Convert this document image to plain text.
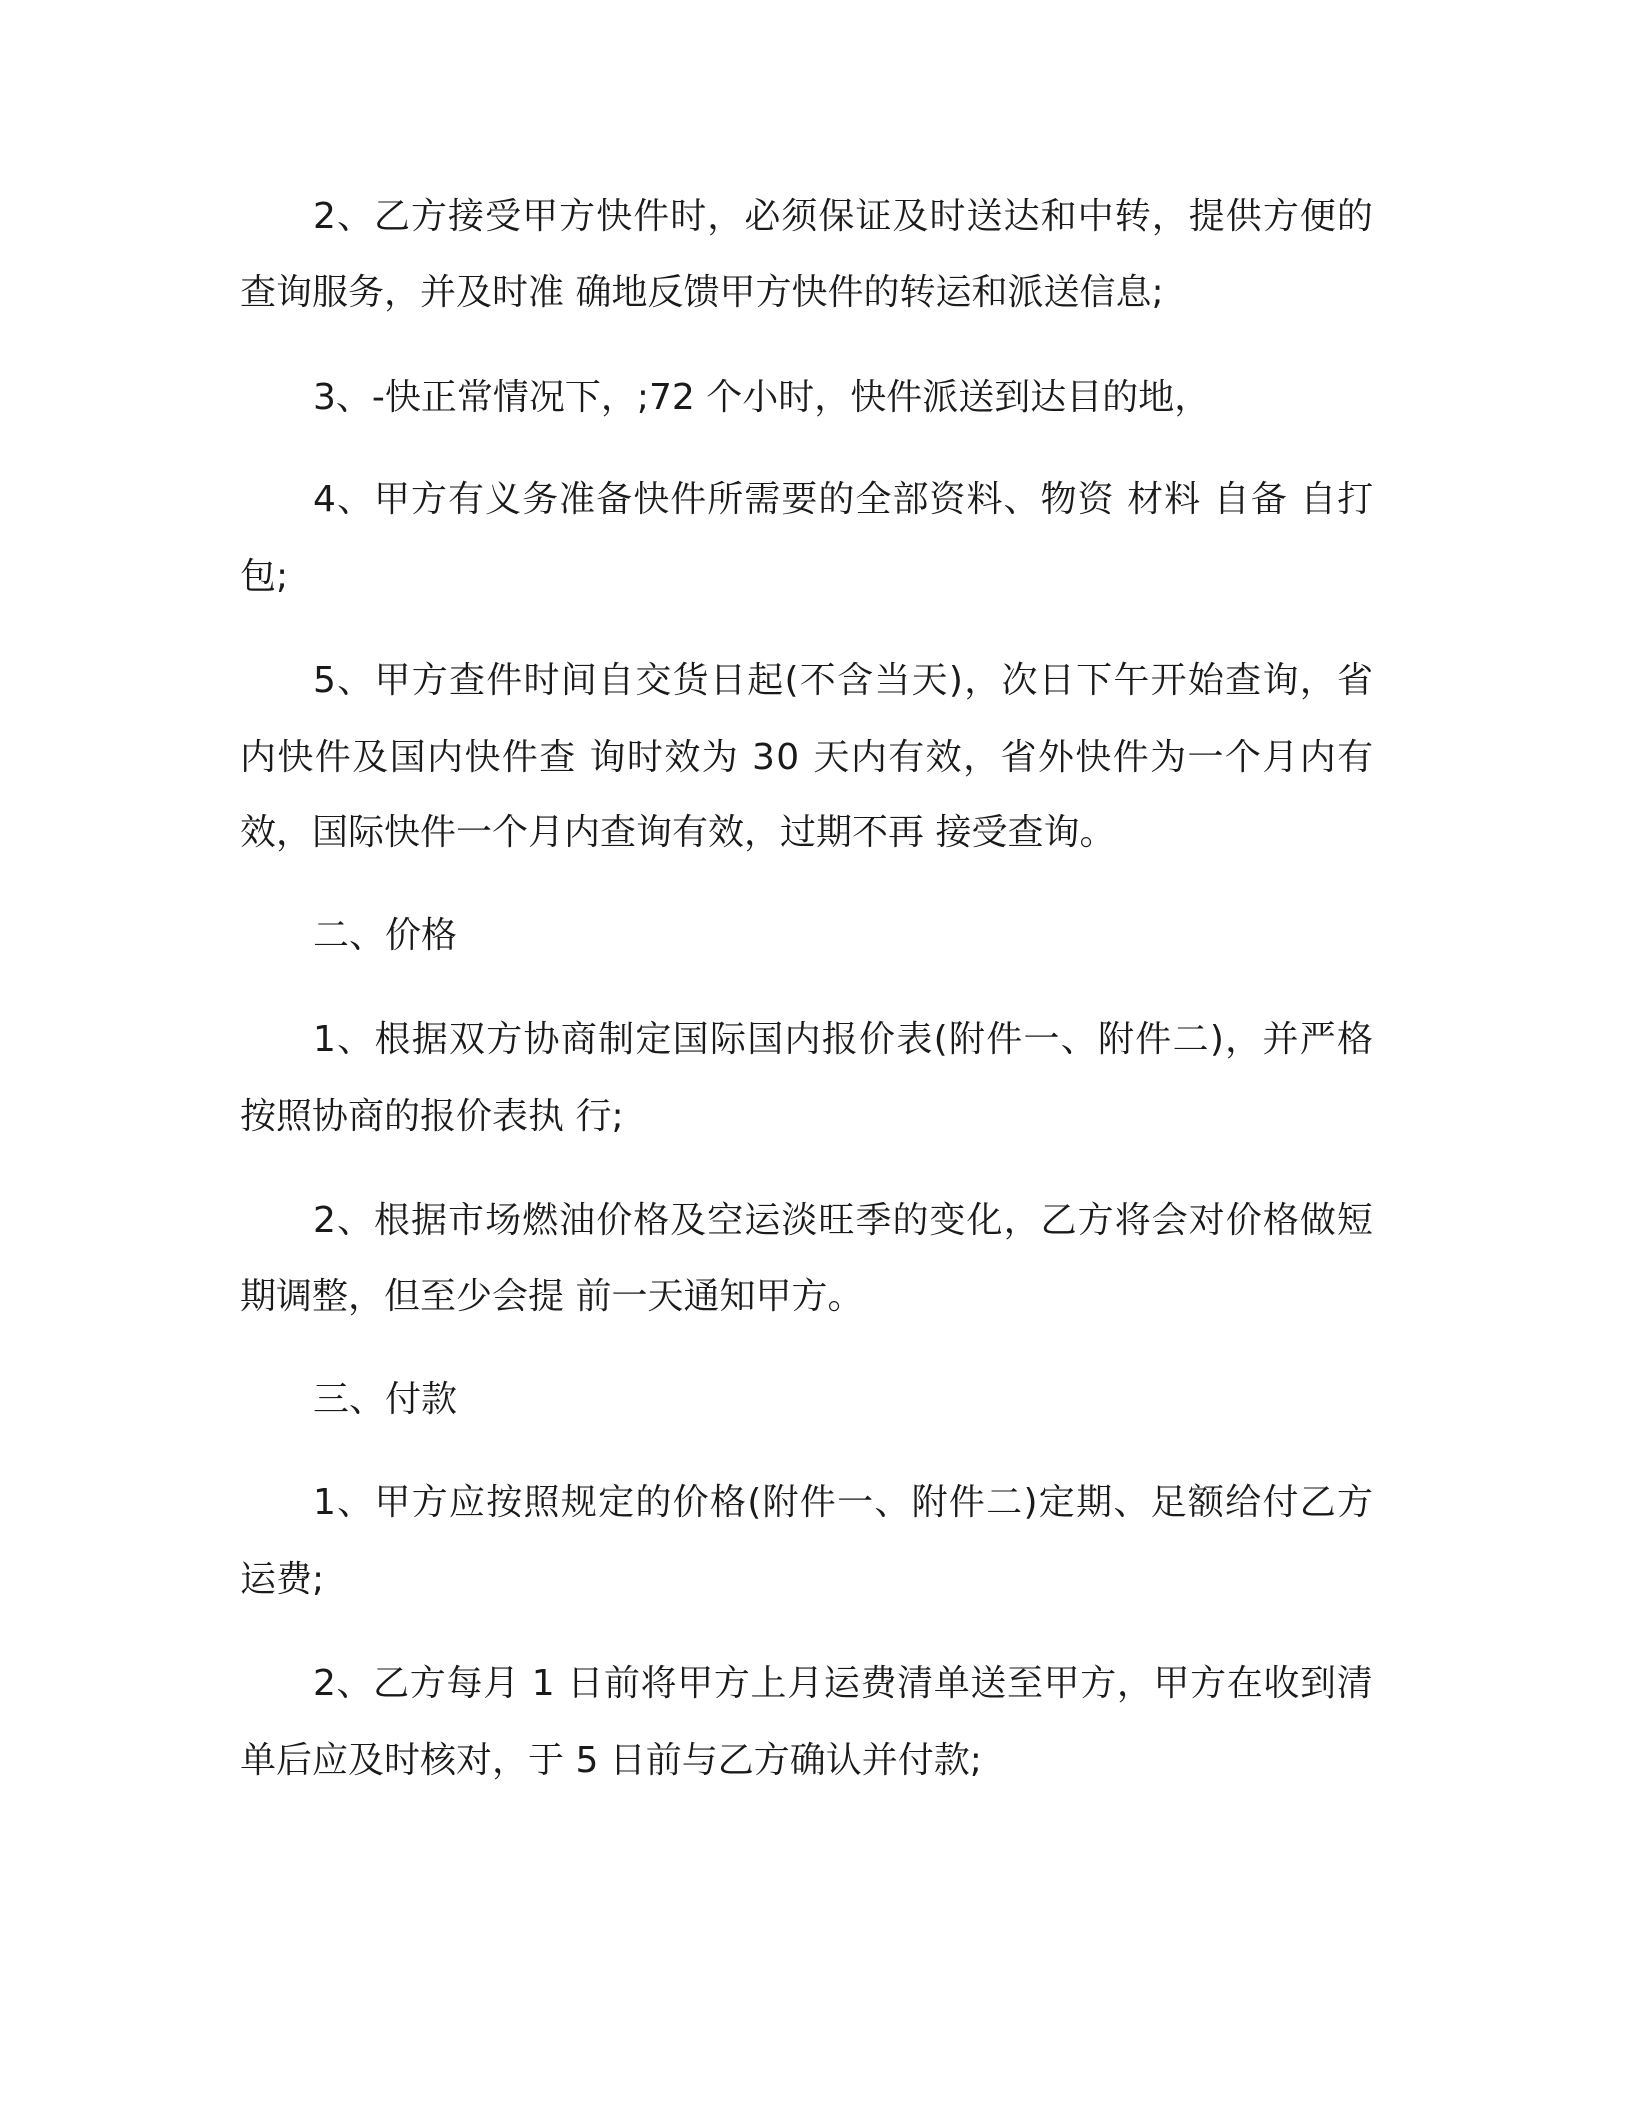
2、乙方接受甲方快件时，必须保证及时送达和中转，提供方便的
查询服务，并及时准 确地反馈甲方快件的转运和派送信息;
3、-快正常情况下，;72 个小时，快件派送到达目的地，
4、甲方有义务准备快件所需要的全部资料、物资 材料 自备 自打
包;
5、甲方查件时间自交货日起(不含当天)，次日下午开始查询，省
内快件及国内快件查 询时效为 30 天内有效，省外快件为一个月内有
效，国际快件一个月内查询有效，过期不再 接受查询。
二、价格
1、根据双方协商制定国际国内报价表(附件一、附件二)，并严格
按照协商的报价表执 行;
2、根据市场燃油价格及空运淡旺季的变化，乙方将会对价格做短
期调整，但至少会提 前一天通知甲方。
三、付款
1、甲方应按照规定的价格(附件一、附件二)定期、足额给付乙方
运费;
2、乙方每月 1 日前将甲方上月运费清单送至甲方，甲方在收到清
单后应及时核对，于 5 日前与乙方确认并付款;
